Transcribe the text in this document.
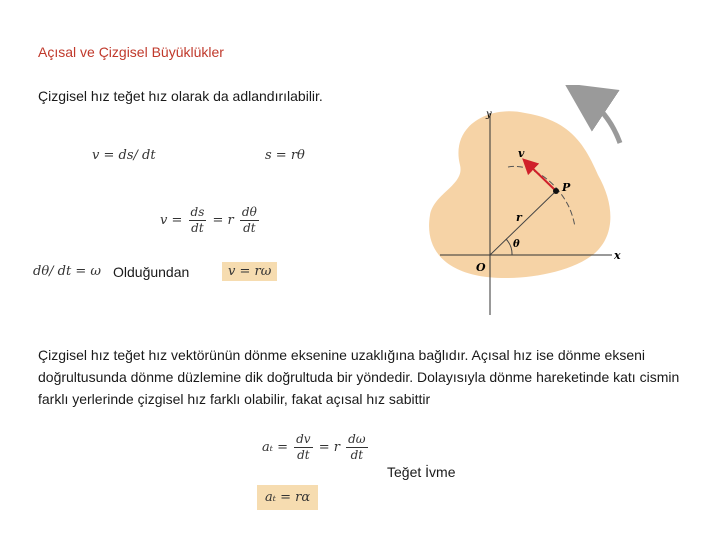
Açısal ve Çizgisel Büyüklükler
Çizgisel hız teğet hız olarak da adlandırılabilir.
v = ds/ dt	s = rθ
$v = \frac{ds}{dt} = r \frac{d\theta}{dt}$
dθ/ dt = ω Olduğundan	v = rω
y
x
O
r
θ
v
P
Çizgisel hız teğet hız vektörünün dönme eksenine uzaklığına bağlıdır. Açısal hız ise dönme ekseni doğrultusunda dönme düzlemine dik doğrultuda bir yöndedir. Dolayısıyla dönme hareketinde katı cismin farklı yerlerinde çizgisel hız farklı olabilir, fakat açısal hız sabittir
$a_t = \frac{dv}{dt} = r \frac{d\omega}{dt}$
Teğet İvme
aₜ = rα
